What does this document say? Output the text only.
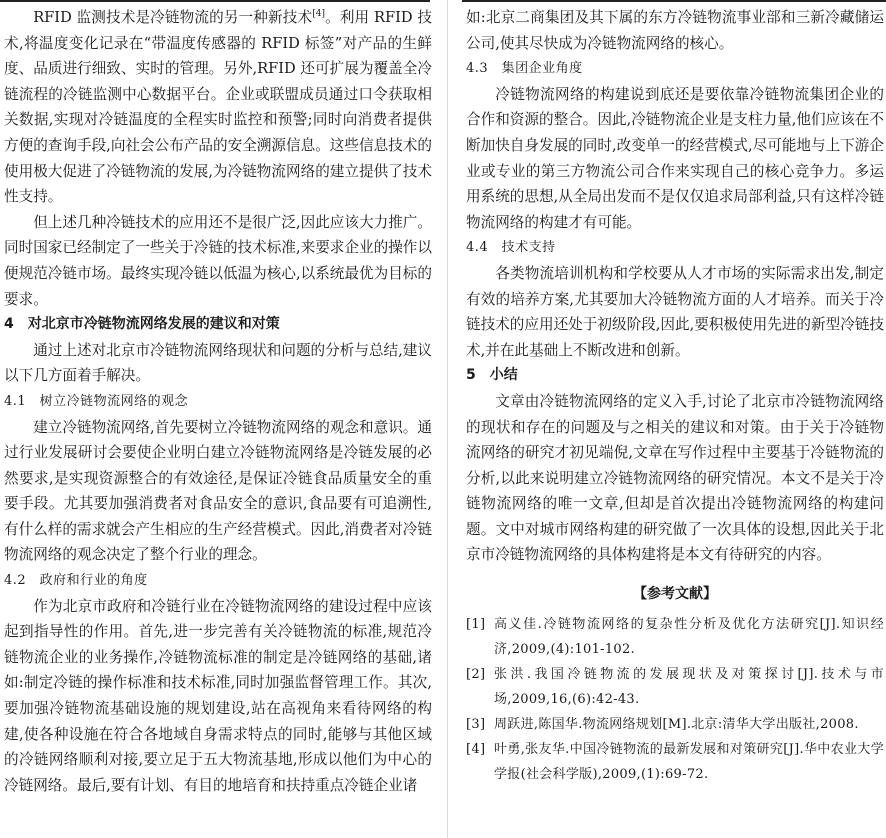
RFID 监测技术是冷链物流的另一种新技术[4]。利用 RFID 技术,将温度变化记录在“带温度传感器的 RFID 标签”对产品的生鲜度、品质进行细致、实时的管理。另外,RFID 还可扩展为覆盖全冷链流程的冷链监测中心数据平台。企业或联盟成员通过口令获取相关数据,实现对冷链温度的全程实时监控和预警;同时向消费者提供方便的查询手段,向社会公布产品的安全溯源信息。这些信息技术的使用极大促进了冷链物流的发展,为冷链物流网络的建立提供了技术性支持。

但上述几种冷链技术的应用还不是很广泛,因此应该大力推广。同时国家已经制定了一些关于冷链的技术标准,来要求企业的操作以便规范冷链市场。最终实现冷链以低温为核心,以系统最优为目标的要求。

4　对北京市冷链物流网络发展的建议和对策

通过上述对北京市冷链物流网络现状和问题的分析与总结,建议以下几方面着手解决。

4.1　树立冷链物流网络的观念

建立冷链物流网络,首先要树立冷链物流网络的观念和意识。通过行业发展研讨会要使企业明白建立冷链物流网络是冷链发展的必然要求,是实现资源整合的有效途径,是保证冷链食品质量安全的重要手段。尤其要加强消费者对食品安全的意识,食品要有可追溯性,有什么样的需求就会产生相应的生产经营模式。因此,消费者对冷链物流网络的观念决定了整个行业的理念。

4.2　政府和行业的角度

作为北京市政府和冷链行业在冷链物流网络的建设过程中应该起到指导性的作用。首先,进一步完善有关冷链物流的标准,规范冷链物流企业的业务操作,冷链物流标准的制定是冷链网络的基础,诸如:制定冷链的操作标准和技术标准,同时加强监督管理工作。其次,要加强冷链物流基础设施的规划建设,站在高视角来看待网络的构建,使各种设施在符合各地域自身需求特点的同时,能够与其他区域的冷链网络顺利对接,要立足于五大物流基地,形成以他们为中心的冷链网络。最后,要有计划、有目的地培育和扶持重点冷链企业诸

如:北京二商集团及其下属的东方冷链物流事业部和三新冷藏储运公司,使其尽快成为冷链物流网络的核心。

4.3　集团企业角度

冷链物流网络的构建说到底还是要依靠冷链物流集团企业的合作和资源的整合。因此,冷链物流企业是支柱力量,他们应该在不断加快自身发展的同时,改变单一的经营模式,尽可能地与上下游企业或专业的第三方物流公司合作来实现自己的核心竞争力。多运用系统的思想,从全局出发而不是仅仅追求局部利益,只有这样冷链物流网络的构建才有可能。

4.4　技术支持

各类物流培训机构和学校要从人才市场的实际需求出发,制定有效的培养方案,尤其要加大冷链物流方面的人才培养。而关于冷链技术的应用还处于初级阶段,因此,要积极使用先进的新型冷链技术,并在此基础上不断改进和创新。

5　小结

文章由冷链物流网络的定义入手,讨论了北京市冷链物流网络的现状和存在的问题及与之相关的建议和对策。由于关于冷链物流网络的研究才初见端倪,文章在写作过程中主要基于冷链物流的分析,以此来说明建立冷链物流网络的研究情况。本文不是关于冷链物流网络的唯一文章,但却是首次提出冷链物流网络的构建问题。文中对城市网络构建的研究做了一次具体的设想,因此关于北京市冷链物流网络的具体构建将是本文有待研究的内容。

【参考文献】

[1] 高义佳.冷链物流网络的复杂性分析及优化方法研究[J].知识经济,2009,(4):101-102.
[2] 张洪.我国冷链物流的发展现状及对策探讨[J].技术与市场,2009,16,(6):42-43.
[3] 周跃进,陈国华.物流网络规划[M].北京:清华大学出版社,2008.
[4] 叶勇,张友华.中国冷链物流的最新发展和对策研究[J].华中农业大学学报(社会科学版),2009,(1):69-72.
